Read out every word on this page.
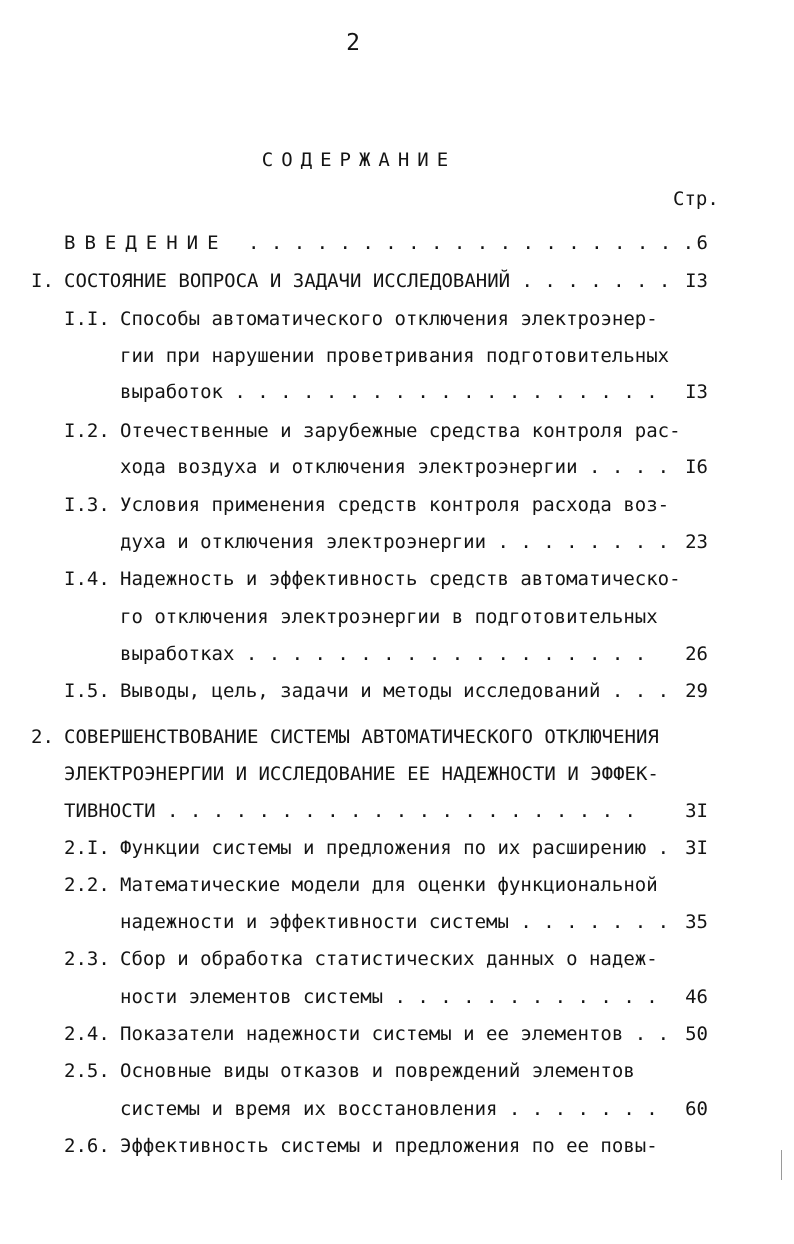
2
СОДЕРЖАНИЕ
Стр.
ВВЕДЕНИЕ . . . . . . . . . . . . . . . . . . . . 6
I. СОСТОЯНИЕ ВОПРОСА И ЗАДАЧИ ИССЛЕДОВАНИЙ . . . . . . . I3
I.I. Способы автоматического отключения электроэнер-
гии при нарушении проветривания подготовительных
выработок . . . . . . . . . . . . . . . . . . . I3
I.2. Отечественные и зарубежные средства контроля рас-
хода воздуха и отключения электроэнергии . . . . I6
I.3. Условия применения средств контроля расхода воз-
духа и отключения электроэнергии . . . . . . . . 23
I.4. Надежность и эффективность средств автоматическо-
го отключения электроэнергии в подготовительных
выработках . . . . . . . . . . . . . . . . . . 26
I.5. Выводы, цель, задачи и методы исследований . . . 29
2. СОВЕРШЕНСТВОВАНИЕ СИСТЕМЫ АВТОМАТИЧЕСКОГО ОТКЛЮЧЕНИЯ
ЭЛЕКТРОЭНЕРГИИ И ИССЛЕДОВАНИЕ ЕЕ НАДЕЖНОСТИ И ЭФФЕК-
ТИВНОСТИ . . . . . . . . . . . . . . . . . . . . .	3I
2.I. Функции системы и предложения по их расширению . 3I
2.2. Математические модели для оценки функциональной
надежности и эффективности системы . . . . . . . 35
2.3. Сбор и обработка статистических данных о надеж-
ности элементов системы . . . . . . . . . . . . 46
2.4. Показатели надежности системы и ее элементов . . 50
2.5. Основные виды отказов и повреждений элементов
системы и время их восстановления . . . . . . . 60
2.6. Эффективность системы и предложения по ее повы-
